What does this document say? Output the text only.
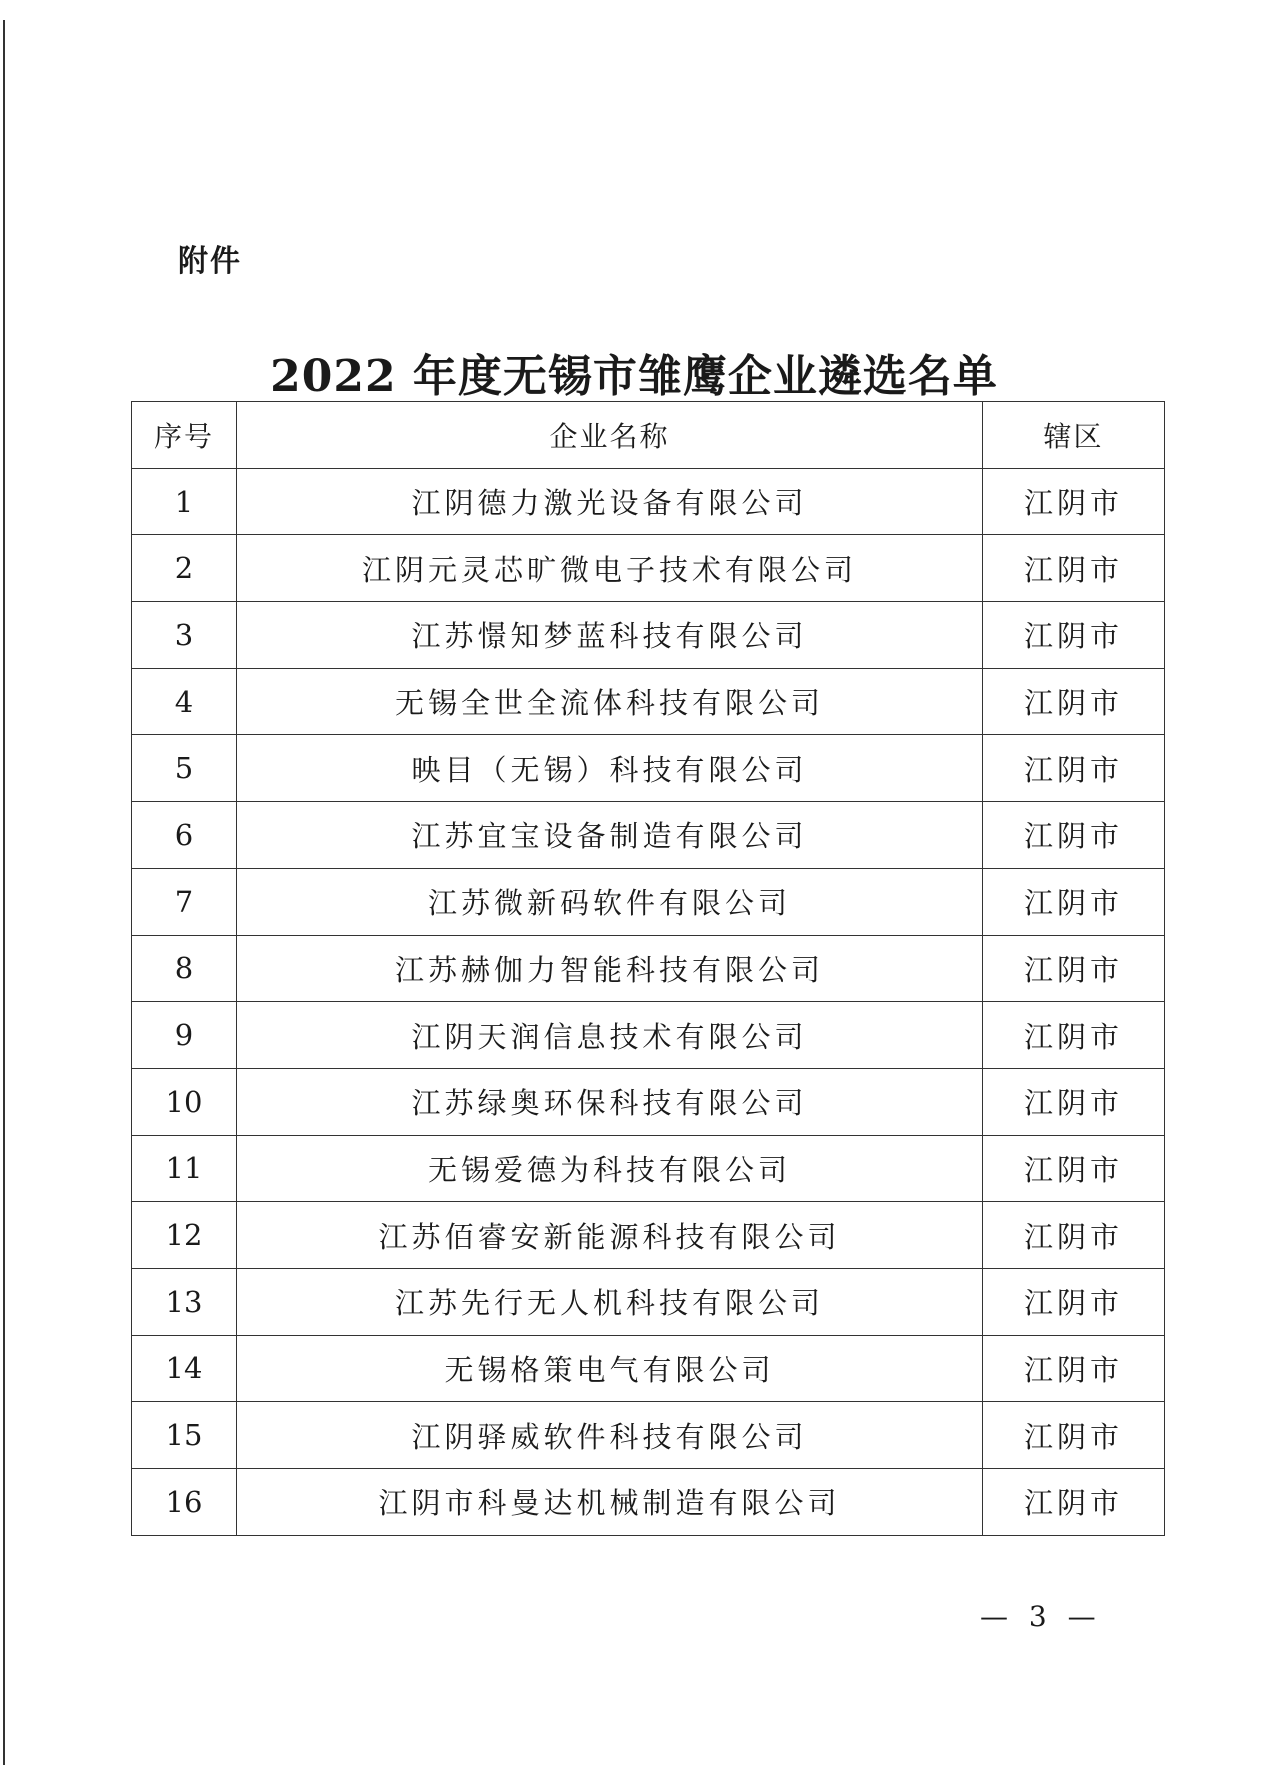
附件
2022 年度无锡市雏鹰企业遴选名单
序号	企业名称	辖区
1	江阴德力激光设备有限公司	江阴市
2	江阴元灵芯旷微电子技术有限公司	江阴市
3	江苏憬知梦蓝科技有限公司	江阴市
4	无锡全世全流体科技有限公司	江阴市
5	映目（无锡）科技有限公司	江阴市
6	江苏宜宝设备制造有限公司	江阴市
7	江苏微新码软件有限公司	江阴市
8	江苏赫伽力智能科技有限公司	江阴市
9	江阴天润信息技术有限公司	江阴市
10	江苏绿奥环保科技有限公司	江阴市
11	无锡爱德为科技有限公司	江阴市
12	江苏佰睿安新能源科技有限公司	江阴市
13	江苏先行无人机科技有限公司	江阴市
14	无锡格策电气有限公司	江阴市
15	江阴驿威软件科技有限公司	江阴市
16	江阴市科曼达机械制造有限公司	江阴市
— 3 —
